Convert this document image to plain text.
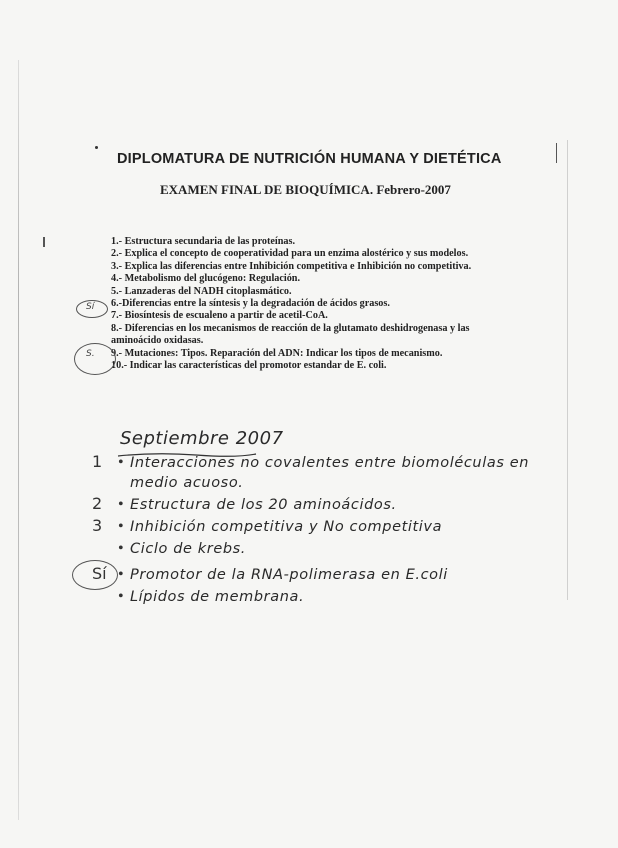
DIPLOMATURA DE NUTRICIÓN HUMANA Y DIETÉTICA
EXAMEN FINAL DE BIOQUÍMICA. Febrero-2007
1.- Estructura secundaria de las proteínas.
2.- Explica el concepto de cooperatividad para un enzima alostérico y sus modelos.
3.- Explica las diferencias entre Inhibición competitiva e Inhibición no competitiva.
4.- Metabolismo del glucógeno: Regulación.
5.- Lanzaderas del NADH citoplasmático.
6.-Diferencias entre la síntesis y la degradación de ácidos grasos.
7.- Biosíntesis de escualeno a partir de acetil-CoA.
8.- Diferencias en los mecanismos de reacción de la glutamato deshidrogenasa y las aminoácido oxidasas.
9.- Mutaciones: Tipos. Reparación del ADN: Indicar los tipos de mecanismo.
10.- Indicar las características del promotor estandar de E. coli.
Sí
S.
Septiembre 2007
1 • Interacciones no covalentes entre biomoléculas en
medio acuoso.
2 • Estructura de los 20 aminoácidos.
3 • Inhibición competitiva y No competitiva
• Ciclo de krebs.
Sí • Promotor de la RNA-polimerasa en E.coli
• Lípidos de membrana.
